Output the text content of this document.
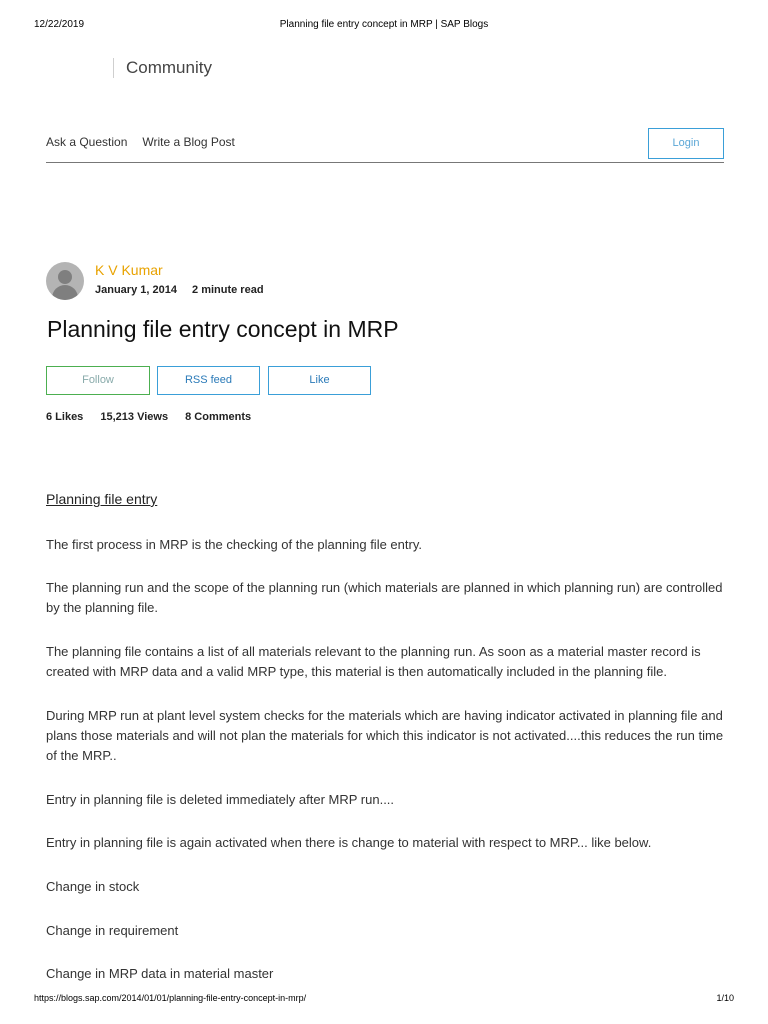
12/22/2019	Planning file entry concept in MRP | SAP Blogs
Community
Ask a Question Write a Blog Post	Login
K V Kumar
January 1, 2014 2 minute read
Planning file entry concept in MRP
Follow	RSS feed	Like
6 Likes 15,213 Views 8 Comments
Planning file entry

The first process in MRP is the checking of the planning file entry.

The planning run and the scope of the planning run (which materials are planned in which planning run) are controlled by the planning file.

The planning file contains a list of all materials relevant to the planning run. As soon as a material master record is created with MRP data and a valid MRP type, this material is then automatically included in the planning file.

During MRP run at plant level system checks for the materials which are having indicator activated in planning file and plans those materials and will not plan the materials for which this indicator is not activated....this reduces the run time of the MRP..

Entry in planning file is deleted immediately after MRP run....

Entry in planning file is again activated when there is change to material with respect to MRP... like below.

Change in stock

Change in requirement

Change in MRP data in material master

https://blogs.sap.com/2014/01/01/planning-file-entry-concept-in-mrp/	1/10
